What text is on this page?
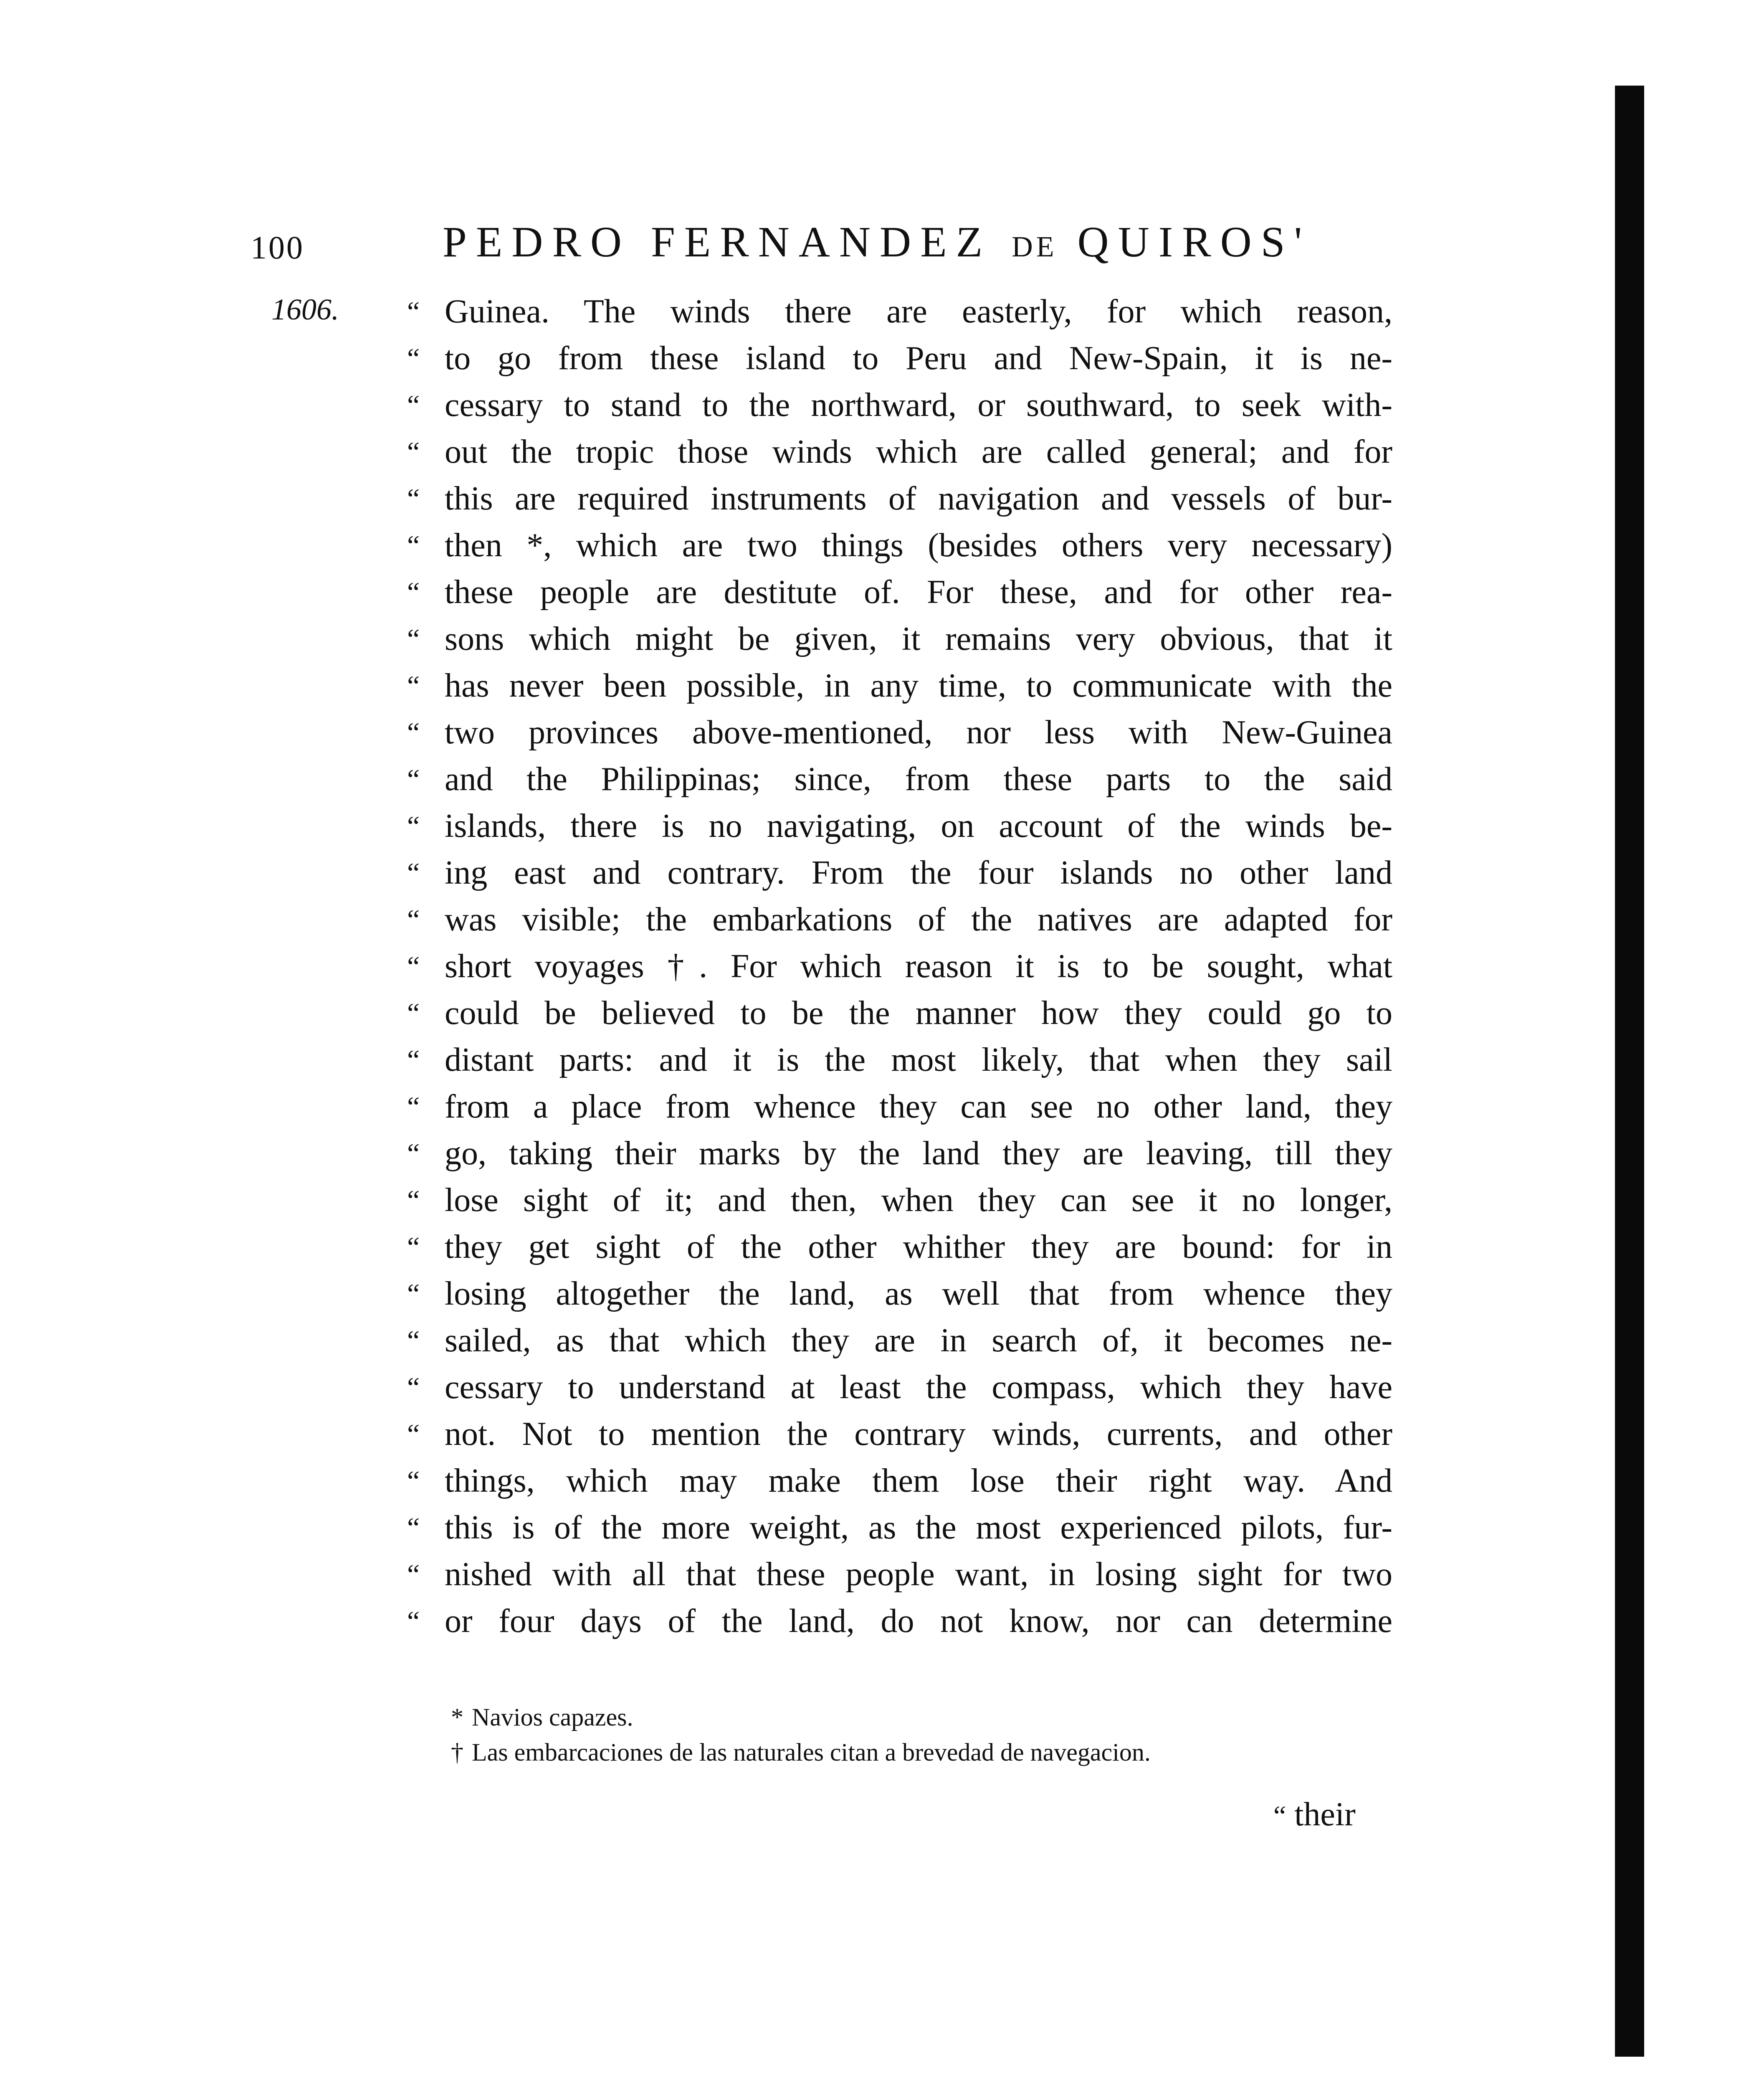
100	PEDRO FERNANDEZ DE QUIROS'
1606. “ Guinea. The winds there are easterly, for which reason,
“ to go from these island to Peru and New-Spain, it is ne-
“ cessary to stand to the northward, or southward, to seek with-
“ out the tropic those winds which are called general; and for
“ this are required instruments of navigation and vessels of bur-
“ then *, which are two things (besides others very necessary)
“ these people are destitute of. For these, and for other rea-
“ sons which might be given, it remains very obvious, that it
“ has never been possible, in any time, to communicate with the
“ two provinces above-mentioned, nor less with New-Guinea
“ and the Philippinas; since, from these parts to the said
“ islands, there is no navigating, on account of the winds be-
“ ing east and contrary. From the four islands no other land
“ was visible; the embarkations of the natives are adapted for
“ short voyages †. For which reason it is to be sought, what
“ could be believed to be the manner how they could go to
“ distant parts: and it is the most likely, that when they sail
“ from a place from whence they can see no other land, they
“ go, taking their marks by the land they are leaving, till they
“ lose sight of it; and then, when they can see it no longer,
“ they get sight of the other whither they are bound: for in
“ losing altogether the land, as well that from whence they
“ sailed, as that which they are in search of, it becomes ne-
“ cessary to understand at least the compass, which they have
“ not. Not to mention the contrary winds, currents, and other
“ things, which may make them lose their right way. And
“ this is of the more weight, as the most experienced pilots, fur-
“ nished with all that these people want, in losing sight for two
“ or four days of the land, do not know, nor can determine
* Navios capazes.
† Las embarcaciones de las naturales citan a brevedad de navegacion.
“ their
